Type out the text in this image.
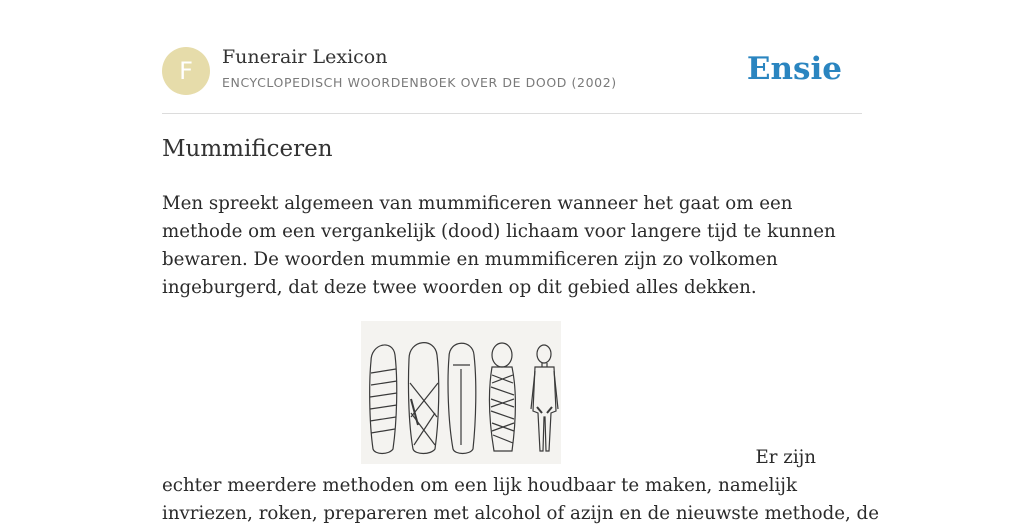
F	Funerair Lexicon
ENCYCLOPEDISCH WOORDENBOEK OVER DE DOOD (2002)	Ensie
Mummificeren

Men spreekt algemeen van mummificeren wanneer het gaat om een methode om een vergankelijk (dood) lichaam voor langere tijd te kunnen bewaren. De woorden mummie en mummificeren zijn zo volkomen ingeburgerd, dat deze twee woorden op dit gebied alles dekken.

Er zijn

echter meerdere methoden om een lijk houdbaar te maken, namelijk invriezen, roken, prepareren met alcohol of azijn en de nieuwste methode, de
